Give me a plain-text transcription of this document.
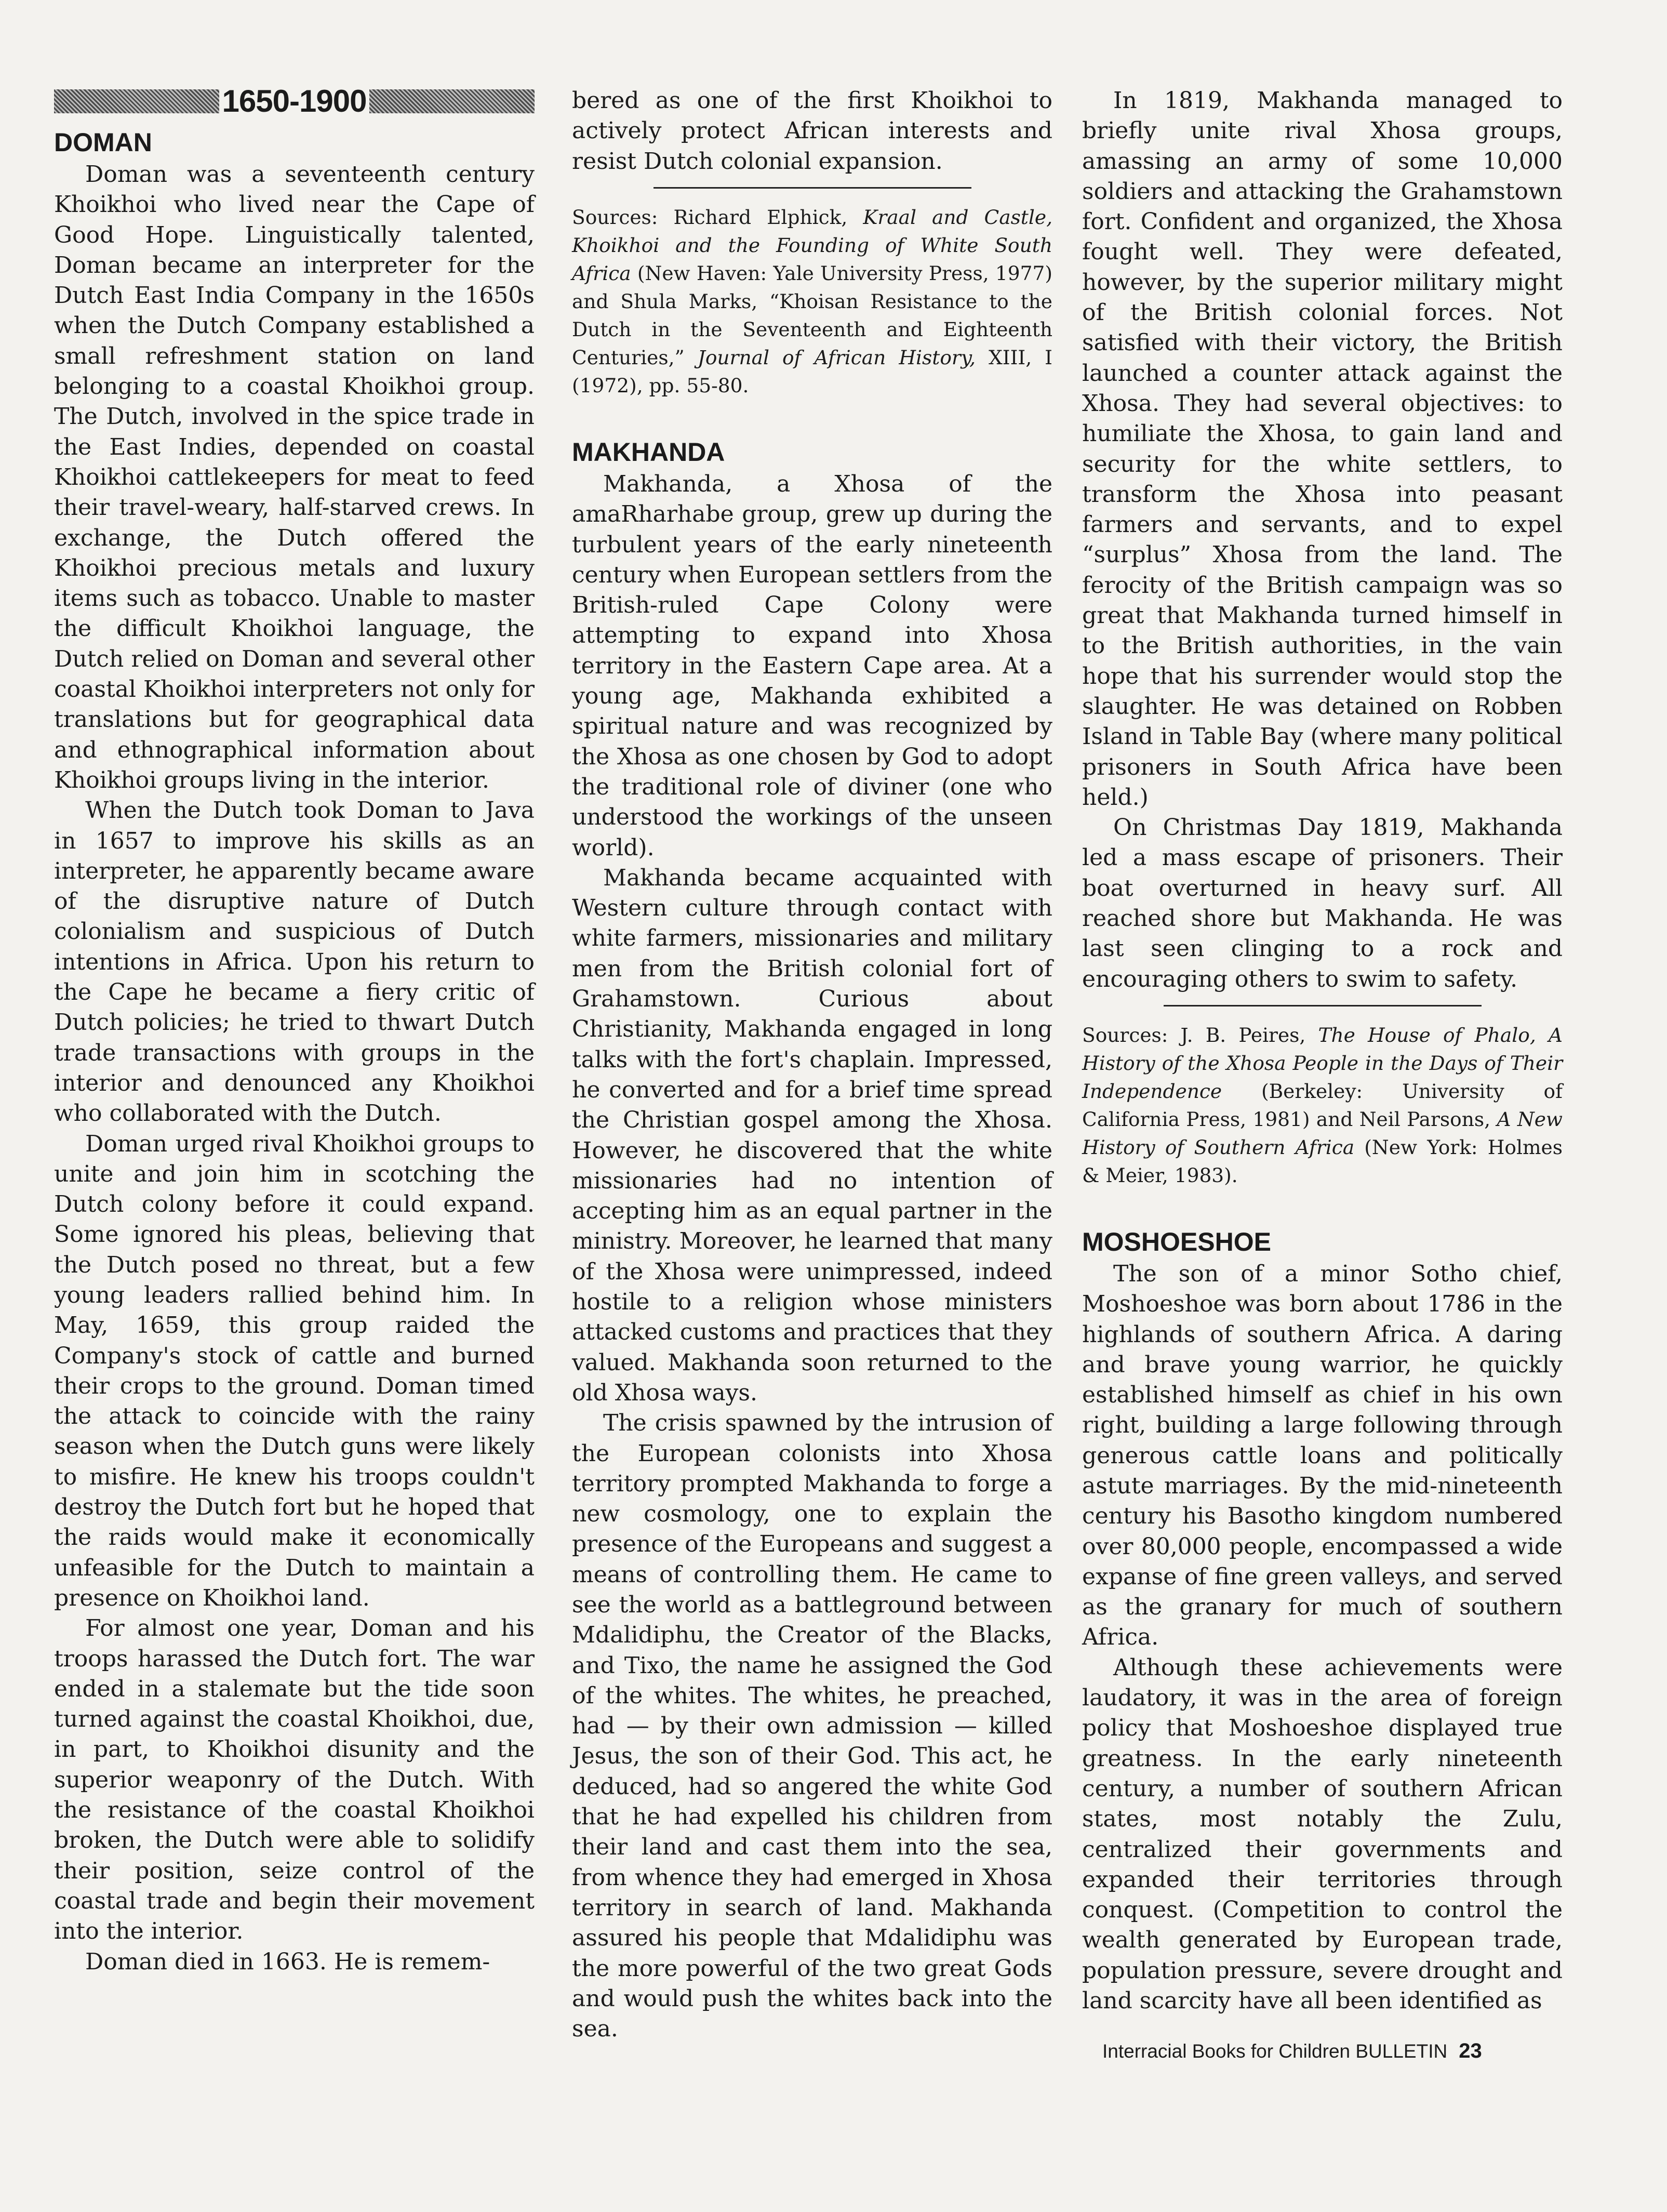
1650-1900
DOMAN

Doman was a seventeenth century Khoikhoi who lived near the Cape of Good Hope. Linguistically talented, Doman became an interpreter for the Dutch East India Company in the 1650s when the Dutch Company established a small refreshment station on land belonging to a coastal Khoikhoi group. The Dutch, involved in the spice trade in the East Indies, depended on coastal Khoikhoi cattlekeepers for meat to feed their travel-weary, half-starved crews. In exchange, the Dutch offered the Khoikhoi precious metals and luxury items such as tobacco. Unable to master the difficult Khoikhoi language, the Dutch relied on Doman and several other coastal Khoikhoi interpreters not only for translations but for geographical data and ethnographical information about Khoikhoi groups living in the interior.

When the Dutch took Doman to Java in 1657 to improve his skills as an interpreter, he apparently became aware of the disruptive nature of Dutch colonialism and suspicious of Dutch intentions in Africa. Upon his return to the Cape he became a fiery critic of Dutch policies; he tried to thwart Dutch trade transactions with groups in the interior and denounced any Khoikhoi who collaborated with the Dutch.

Doman urged rival Khoikhoi groups to unite and join him in scotching the Dutch colony before it could expand. Some ignored his pleas, believing that the Dutch posed no threat, but a few young leaders rallied behind him. In May, 1659, this group raided the Company's stock of cattle and burned their crops to the ground. Doman timed the attack to coincide with the rainy season when the Dutch guns were likely to misfire. He knew his troops couldn't destroy the Dutch fort but he hoped that the raids would make it economically unfeasible for the Dutch to maintain a presence on Khoikhoi land.

For almost one year, Doman and his troops harassed the Dutch fort. The war ended in a stalemate but the tide soon turned against the coastal Khoikhoi, due, in part, to Khoikhoi disunity and the superior weaponry of the Dutch. With the resistance of the coastal Khoikhoi broken, the Dutch were able to solidify their position, seize control of the coastal trade and begin their movement into the interior.

Doman died in 1663. He is remem-

bered as one of the first Khoikhoi to actively protect African interests and resist Dutch colonial expansion.

Sources: Richard Elphick, Kraal and Castle, Khoikhoi and the Founding of White South Africa (New Haven: Yale University Press, 1977) and Shula Marks, “Khoisan Resistance to the Dutch in the Seventeenth and Eighteenth Centuries,” Journal of African History, XIII, I (1972), pp. 55-80.

MAKHANDA

Makhanda, a Xhosa of the amaRharhabe group, grew up during the turbulent years of the early nineteenth century when European settlers from the British-ruled Cape Colony were attempting to expand into Xhosa territory in the Eastern Cape area. At a young age, Makhanda exhibited a spiritual nature and was recognized by the Xhosa as one chosen by God to adopt the traditional role of diviner (one who understood the workings of the unseen world).

Makhanda became acquainted with Western culture through contact with white farmers, missionaries and military men from the British colonial fort of Grahamstown. Curious about Christianity, Makhanda engaged in long talks with the fort's chaplain. Impressed, he converted and for a brief time spread the Christian gospel among the Xhosa. However, he discovered that the white missionaries had no intention of accepting him as an equal partner in the ministry. Moreover, he learned that many of the Xhosa were unimpressed, indeed hostile to a religion whose ministers attacked customs and practices that they valued. Makhanda soon returned to the old Xhosa ways.

The crisis spawned by the intrusion of the European colonists into Xhosa territory prompted Makhanda to forge a new cosmology, one to explain the presence of the Europeans and suggest a means of controlling them. He came to see the world as a battleground between Mdalidiphu, the Creator of the Blacks, and Tixo, the name he assigned the God of the whites. The whites, he preached, had — by their own admission — killed Jesus, the son of their God. This act, he deduced, had so angered the white God that he had expelled his children from their land and cast them into the sea, from whence they had emerged in Xhosa territory in search of land. Makhanda assured his people that Mdalidiphu was the more powerful of the two great Gods and would push the whites back into the sea.

In 1819, Makhanda managed to briefly unite rival Xhosa groups, amassing an army of some 10,000 soldiers and attacking the Grahamstown fort. Confident and organized, the Xhosa fought well. They were defeated, however, by the superior military might of the British colonial forces. Not satisfied with their victory, the British launched a counter attack against the Xhosa. They had several objectives: to humiliate the Xhosa, to gain land and security for the white settlers, to transform the Xhosa into peasant farmers and servants, and to expel “surplus” Xhosa from the land. The ferocity of the British campaign was so great that Makhanda turned himself in to the British authorities, in the vain hope that his surrender would stop the slaughter. He was detained on Robben Island in Table Bay (where many political prisoners in South Africa have been held.)

On Christmas Day 1819, Makhanda led a mass escape of prisoners. Their boat overturned in heavy surf. All reached shore but Makhanda. He was last seen clinging to a rock and encouraging others to swim to safety.

Sources: J. B. Peires, The House of Phalo, A History of the Xhosa People in the Days of Their Independence (Berkeley: University of California Press, 1981) and Neil Parsons, A New History of Southern Africa (New York: Holmes & Meier, 1983).

MOSHOESHOE

The son of a minor Sotho chief, Moshoeshoe was born about 1786 in the highlands of southern Africa. A daring and brave young warrior, he quickly established himself as chief in his own right, building a large following through generous cattle loans and politically astute marriages. By the mid-nineteenth century his Basotho kingdom numbered over 80,000 people, encompassed a wide expanse of fine green valleys, and served as the granary for much of southern Africa.

Although these achievements were laudatory, it was in the area of foreign policy that Moshoeshoe displayed true greatness. In the early nineteenth century, a number of southern African states, most notably the Zulu, centralized their governments and expanded their territories through conquest. (Competition to control the wealth generated by European trade, population pressure, severe drought and land scarcity have all been identified as

Interracial Books for Children BULLETIN 23
